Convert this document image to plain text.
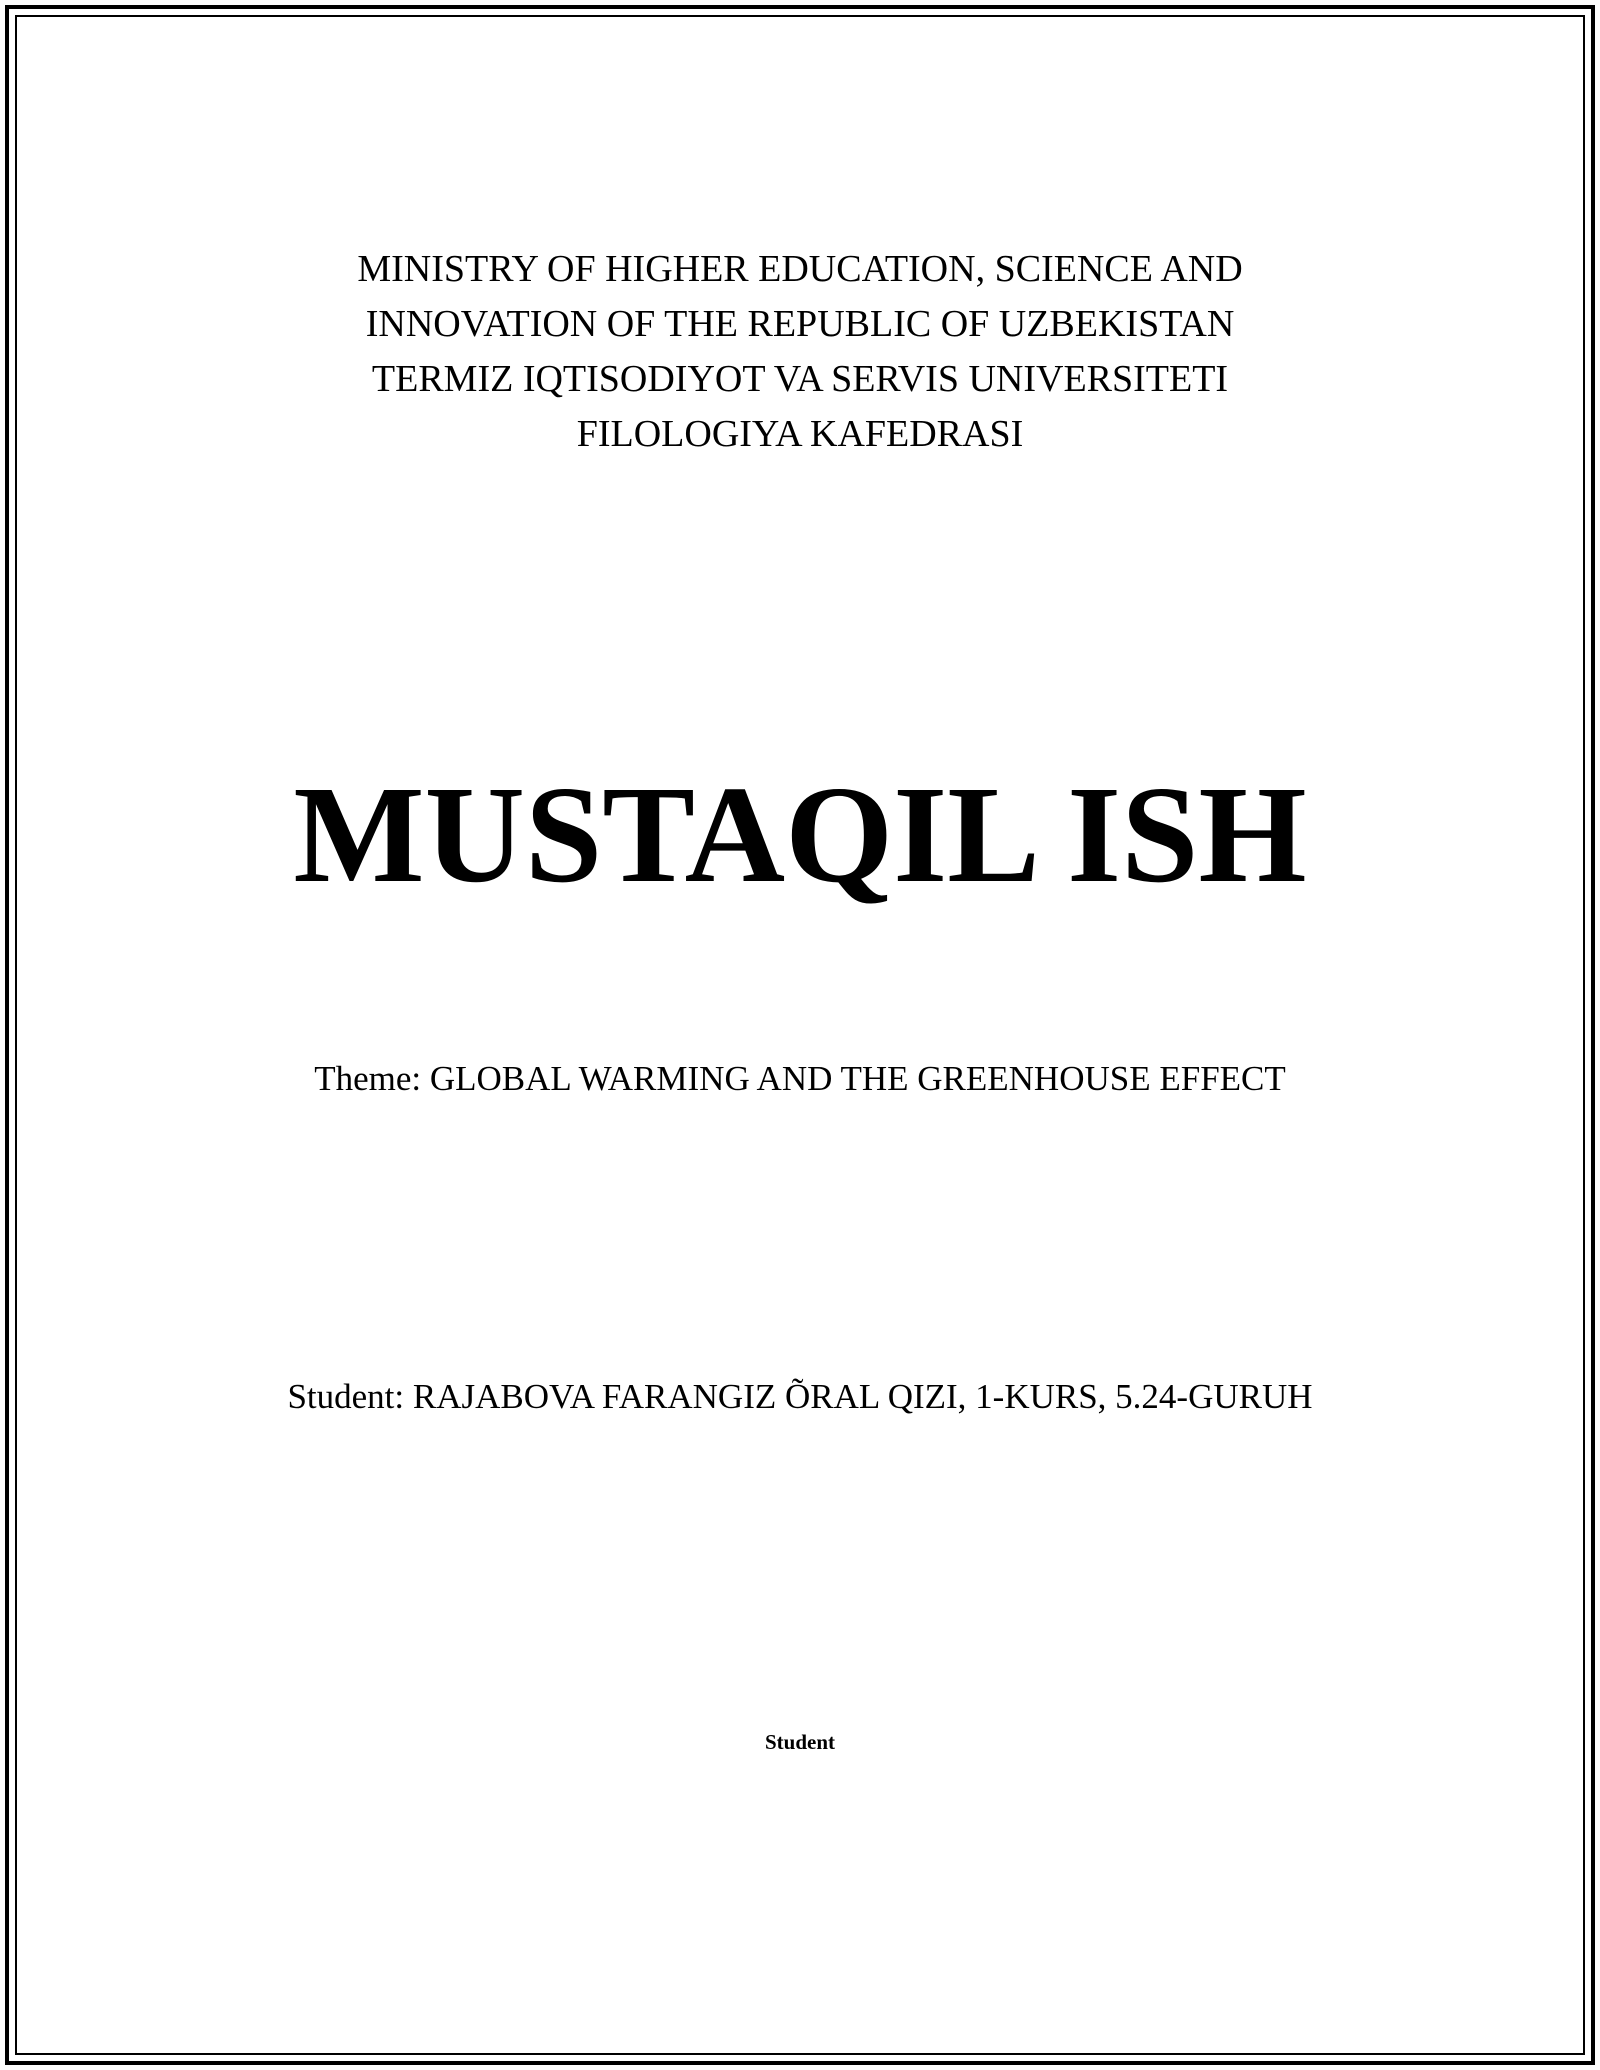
MINISTRY OF HIGHER EDUCATION, SCIENCE AND
INNOVATION OF THE REPUBLIC OF UZBEKISTAN
TERMIZ IQTISODIYOT VA SERVIS UNIVERSITETI
FILOLOGIYA KAFEDRASI
MUSTAQIL ISH
Theme: GLOBAL WARMING AND THE GREENHOUSE EFFECT
Student: RAJABOVA FARANGIZ ÕRAL QIZI, 1-KURS, 5.24-GURUH
Student
